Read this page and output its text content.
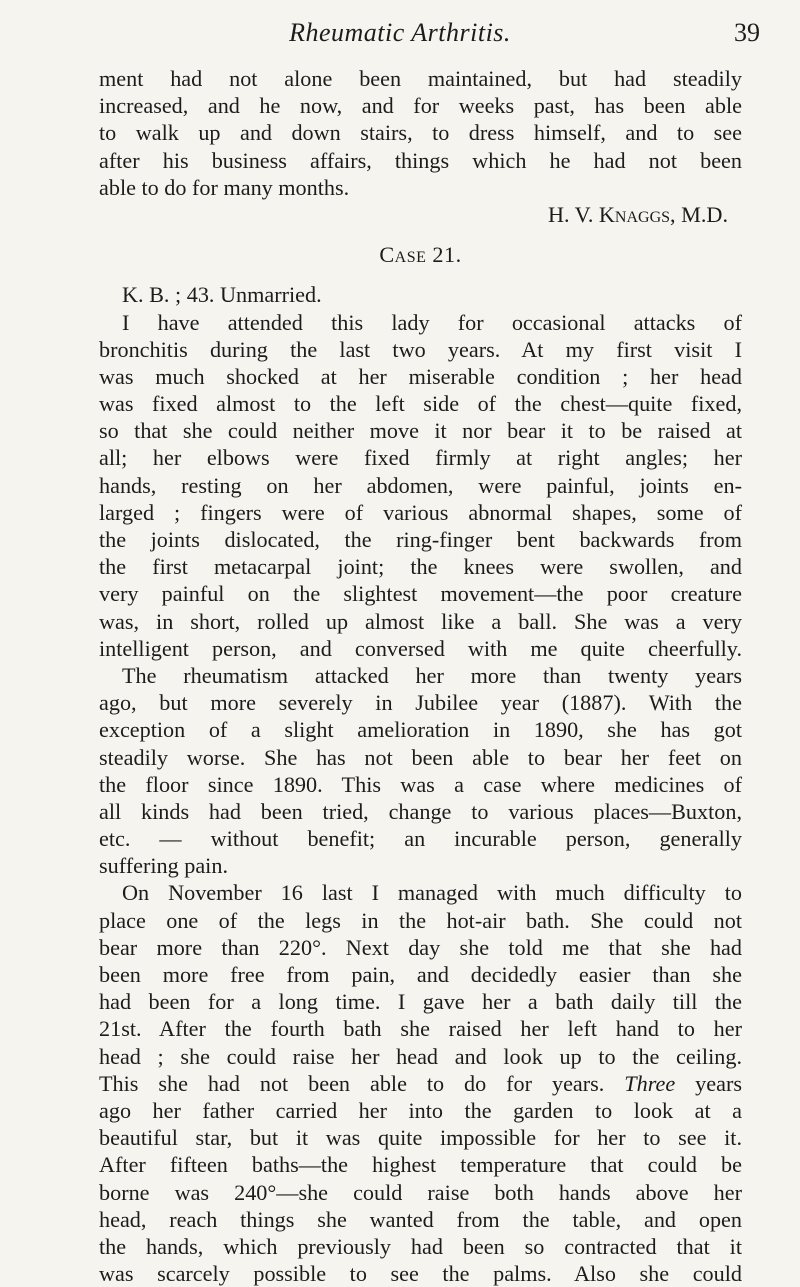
Rheumatic Arthritis.	39
ment had not alone been maintained, but had steadily
increased, and he now, and for weeks past, has been able
to walk up and down stairs, to dress himself, and to see
after his business affairs, things which he had not been
able to do for many months.
H. V. Knaggs, M.D.
Case 21.
K. B. ; 43. Unmarried.
I have attended this lady for occasional attacks of
bronchitis during the last two years. At my first visit I
was much shocked at her miserable condition ; her head
was fixed almost to the left side of the chest—quite fixed,
so that she could neither move it nor bear it to be raised at
all; her elbows were fixed firmly at right angles; her
hands, resting on her abdomen, were painful, joints en-
larged ; fingers were of various abnormal shapes, some of
the joints dislocated, the ring-finger bent backwards from
the first metacarpal joint; the knees were swollen, and
very painful on the slightest movement—the poor creature
was, in short, rolled up almost like a ball. She was a very
intelligent person, and conversed with me quite cheerfully.
The rheumatism attacked her more than twenty years
ago, but more severely in Jubilee year (1887). With the
exception of a slight amelioration in 1890, she has got
steadily worse. She has not been able to bear her feet on
the floor since 1890. This was a case where medicines of
all kinds had been tried, change to various places—Buxton,
etc. — without benefit; an incurable person, generally
suffering pain.
On November 16 last I managed with much difficulty to
place one of the legs in the hot-air bath. She could not
bear more than 220°. Next day she told me that she had
been more free from pain, and decidedly easier than she
had been for a long time. I gave her a bath daily till the
21st. After the fourth bath she raised her left hand to her
head ; she could raise her head and look up to the ceiling.
This she had not been able to do for years. Three years
ago her father carried her into the garden to look at a
beautiful star, but it was quite impossible for her to see it.
After fifteen baths—the highest temperature that could be
borne was 240°—she could raise both hands above her
head, reach things she wanted from the table, and open
the hands, which previously had been so contracted that it
was scarcely possible to see the palms. Also she could
